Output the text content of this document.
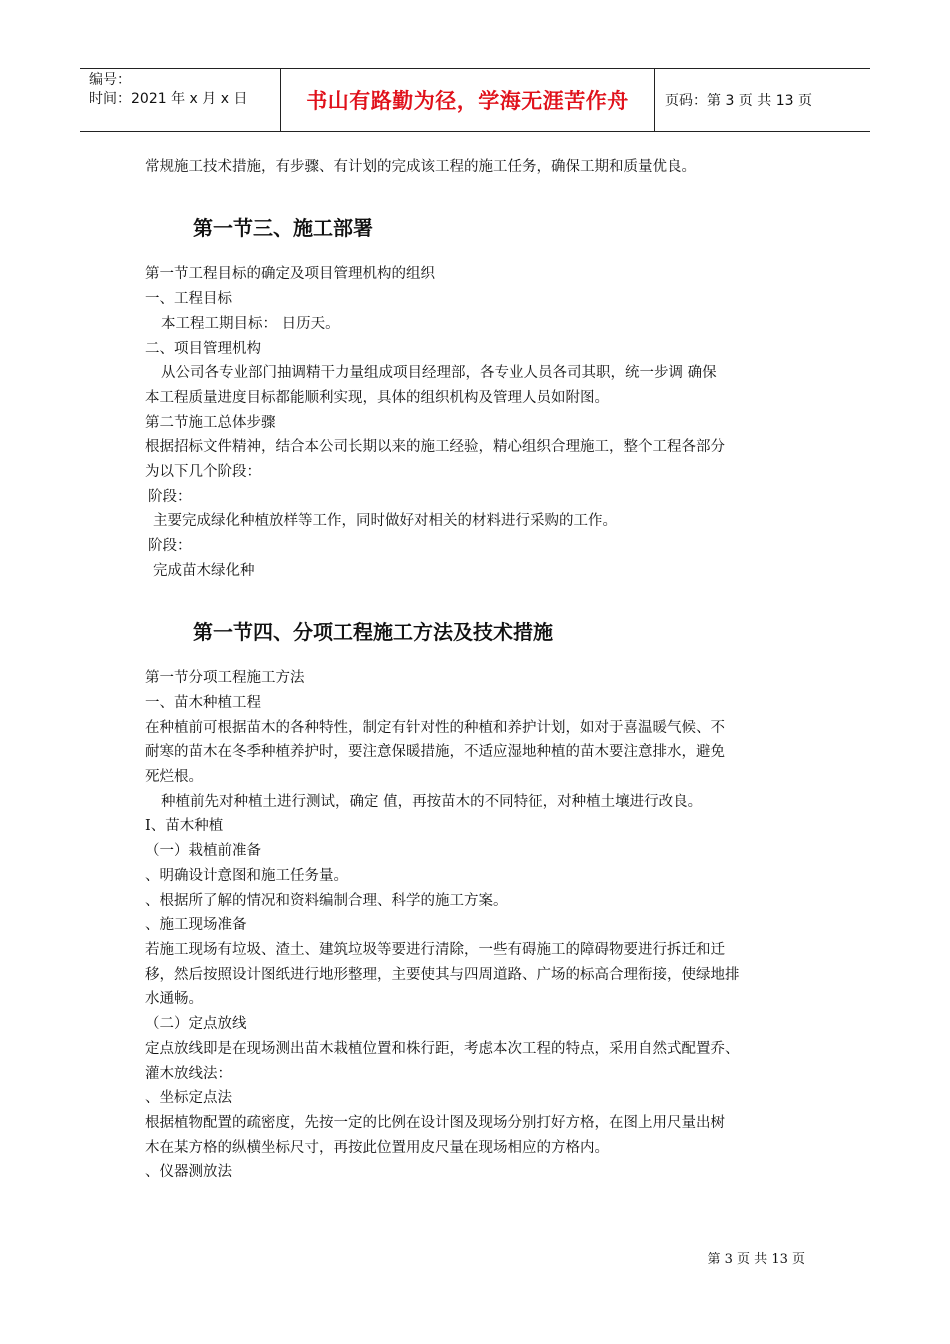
编号：
时间：2021 年 x 月 x 日	书山有路勤为径，学海无涯苦作舟	页码：第 3 页 共 13 页
常规施工技术措施，有步骤、有计划的完成该工程的施工任务，确保工期和质量优良。
第一节三、施工部署
第一节工程目标的确定及项目管理机构的组织
一、工程目标
本工程工期目标： 日历天。
二、项目管理机构
从公司各专业部门抽调精干力量组成项目经理部，各专业人员各司其职，统一步调 确保
本工程质量进度目标都能顺利实现，具体的组织机构及管理人员如附图。
第二节施工总体步骤
根据招标文件精神，结合本公司长期以来的施工经验，精心组织合理施工，整个工程各部分
为以下几个阶段：
阶段：
主要完成绿化种植放样等工作，同时做好对相关的材料进行采购的工作。
阶段：
完成苗木绿化种
第一节四、分项工程施工方法及技术措施
第一节分项工程施工方法
一、苗木种植工程
在种植前可根据苗木的各种特性，制定有针对性的种植和养护计划，如对于喜温暖气候、不
耐寒的苗木在冬季种植养护时，要注意保暖措施，不适应湿地种植的苗木要注意排水，避免
死烂根。
种植前先对种植土进行测试，确定 值，再按苗木的不同特征，对种植土壤进行改良。
Ⅰ、苗木种植
（一）栽植前准备
、明确设计意图和施工任务量。
、根据所了解的情况和资料编制合理、科学的施工方案。
、施工现场准备
若施工现场有垃圾、渣土、建筑垃圾等要进行清除，一些有碍施工的障碍物要进行拆迁和迁
移，然后按照设计图纸进行地形整理，主要使其与四周道路、广场的标高合理衔接，使绿地排
水通畅。
（二）定点放线
定点放线即是在现场测出苗木栽植位置和株行距，考虑本次工程的特点，采用自然式配置乔、
灌木放线法：
、坐标定点法
根据植物配置的疏密度，先按一定的比例在设计图及现场分别打好方格，在图上用尺量出树
木在某方格的纵横坐标尺寸，再按此位置用皮尺量在现场相应的方格内。
、仪器测放法
第 3 页 共 13 页
